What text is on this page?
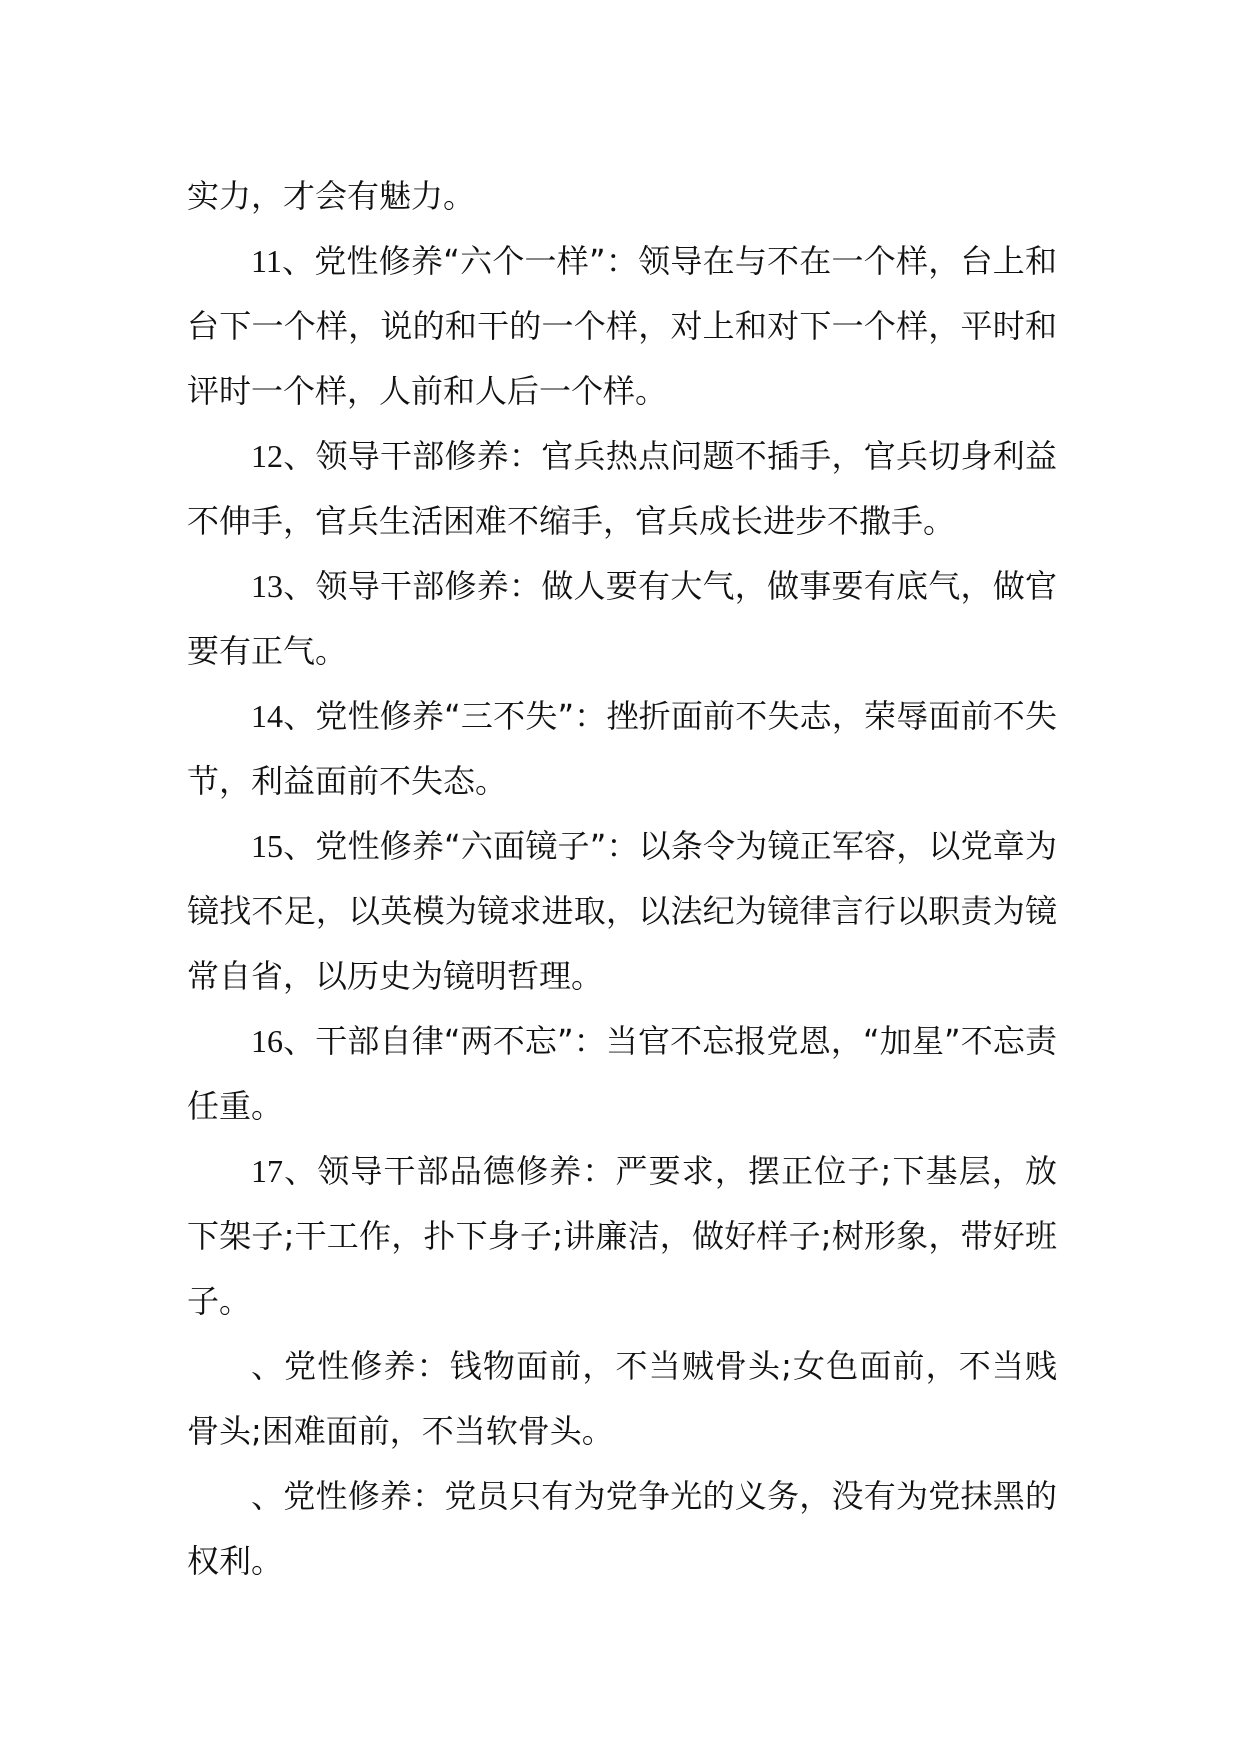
实力，才会有魅力。

11、党性修养“六个一样”：领导在与不在一个样，台上和台下一个样，说的和干的一个样，对上和对下一个样，平时和评时一个样，人前和人后一个样。

12、领导干部修养：官兵热点问题不插手，官兵切身利益不伸手，官兵生活困难不缩手，官兵成长进步不撒手。

13、领导干部修养：做人要有大气，做事要有底气，做官要有正气。

14、党性修养“三不失”：挫折面前不失志，荣辱面前不失节，利益面前不失态。

15、党性修养“六面镜子”：以条令为镜正军容，以党章为镜找不足，以英模为镜求进取，以法纪为镜律言行以职责为镜常自省，以历史为镜明哲理。

16、干部自律“两不忘”：当官不忘报党恩，“加星”不忘责任重。

17、领导干部品德修养：严要求，摆正位子;下基层，放下架子;干工作，扑下身子;讲廉洁，做好样子;树形象，带好班子。

、党性修养：钱物面前，不当贼骨头;女色面前，不当贱骨头;困难面前，不当软骨头。

、党性修养：党员只有为党争光的义务，没有为党抹黑的权利。
